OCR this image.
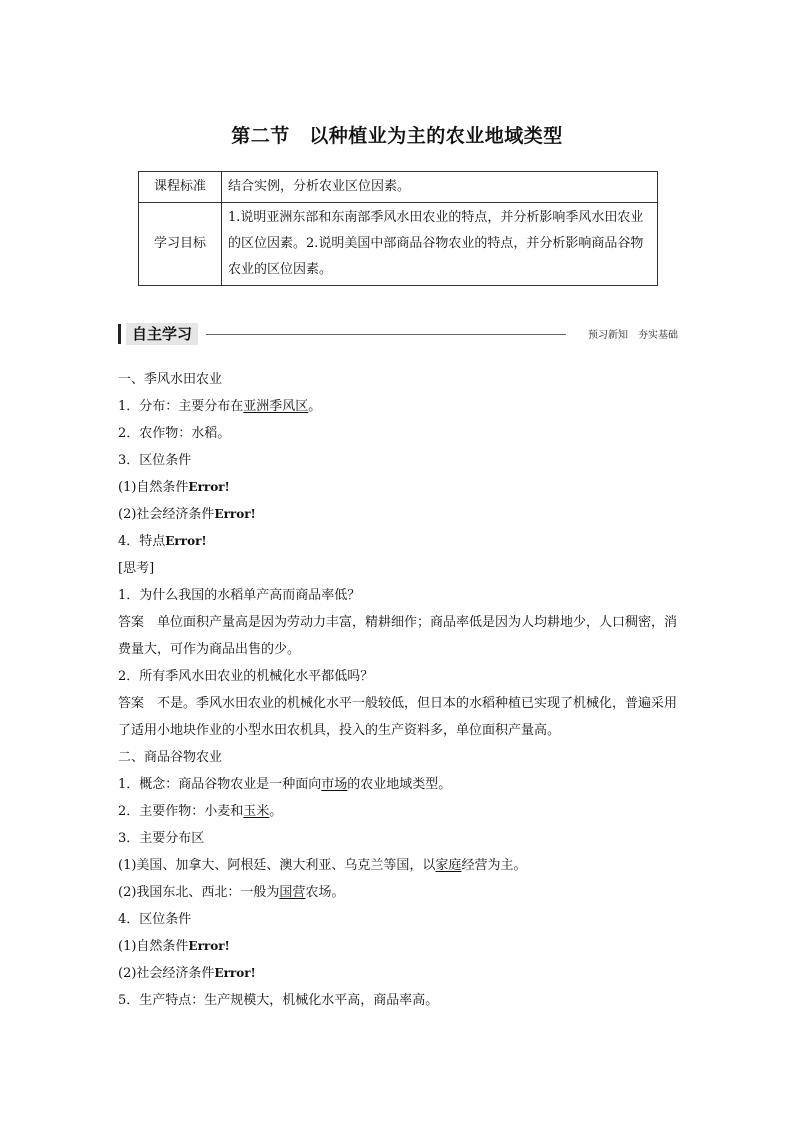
第二节　以种植业为主的农业地域类型
课程标准	结合实例，分析农业区位因素。
学习目标	1.说明亚洲东部和东南部季风水田农业的特点，并分析影响季风水田农业的区位因素。2.说明美国中部商品谷物农业的特点，并分析影响商品谷物农业的区位因素。
自主学习	预习新知　夯实基础

一、季风水田农业

1．分布：主要分布在亚洲季风区。

2．农作物：水稻。

3．区位条件

(1)自然条件Error!

(2)社会经济条件Error!

4．特点Error!

[思考]

1．为什么我国的水稻单产高而商品率低？

答案　单位面积产量高是因为劳动力丰富，精耕细作；商品率低是因为人均耕地少，人口稠密，消费量大，可作为商品出售的少。

2．所有季风水田农业的机械化水平都低吗？

答案　不是。季风水田农业的机械化水平一般较低，但日本的水稻种植已实现了机械化，普遍采用了适用小地块作业的小型水田农机具，投入的生产资料多，单位面积产量高。

二、商品谷物农业

1．概念：商品谷物农业是一种面向市场的农业地域类型。

2．主要作物：小麦和玉米。

3．主要分布区

(1)美国、加拿大、阿根廷、澳大利亚、乌克兰等国，以家庭经营为主。

(2)我国东北、西北：一般为国营农场。

4．区位条件

(1)自然条件Error!

(2)社会经济条件Error!

5．生产特点：生产规模大，机械化水平高，商品率高。
